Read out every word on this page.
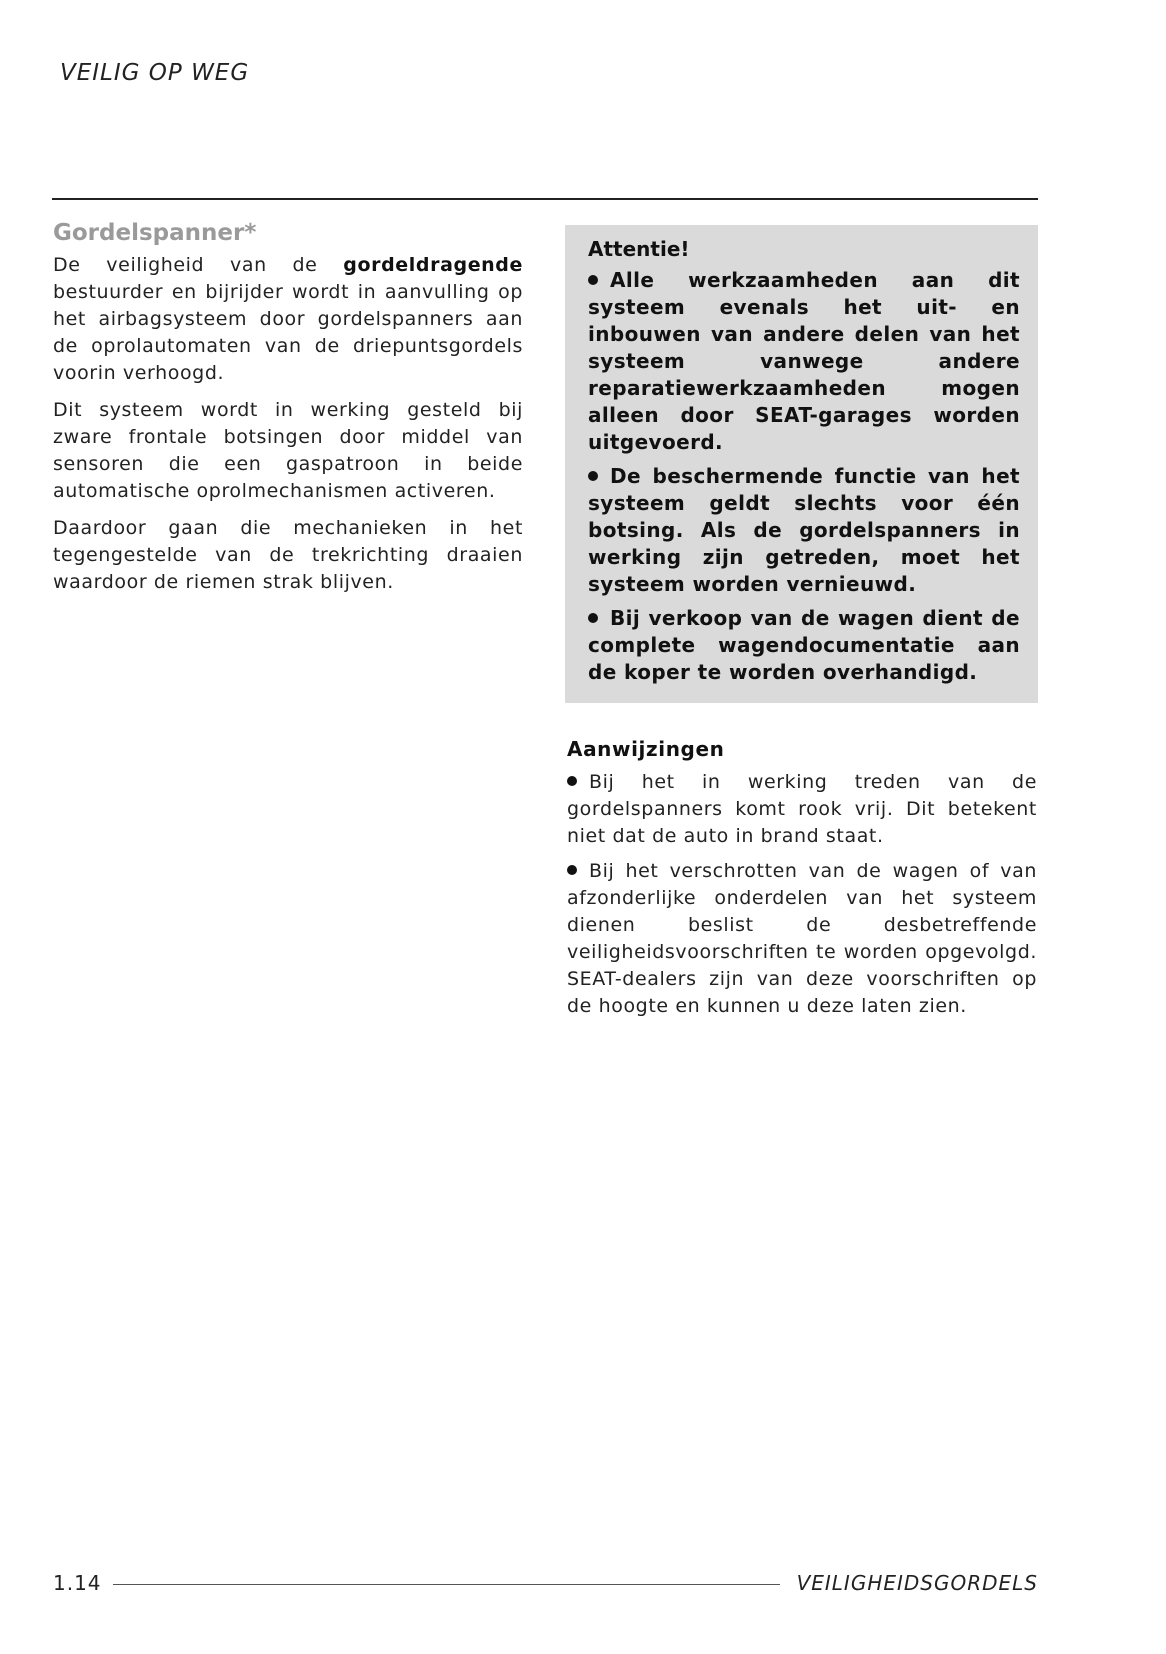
VEILIG OP WEG
Gordelspanner*

De veiligheid van de gordeldragende bestuurder en bijrijder wordt in aanvulling op het airbagsysteem door gordelspanners aan de oprolautomaten van de driepuntsgordels voorin verhoogd.

Dit systeem wordt in werking gesteld bij zware frontale botsingen door middel van sensoren die een gaspatroon in beide automatische oprolmechanismen activeren.

Daardoor gaan die mechanieken in het tegengestelde van de trekrichting draaien waardoor de riemen strak blijven.

Attentie!
Alle werkzaamheden aan dit systeem evenals het uit- en inbouwen van andere delen van het systeem vanwege andere reparatiewerkzaamheden mogen alleen door SEAT-garages worden uitgevoerd.
De beschermende functie van het systeem geldt slechts voor één botsing. Als de gordelspanners in werking zijn getreden, moet het systeem worden vernieuwd.
Bij verkoop van de wagen dient de complete wagendocumentatie aan de koper te worden overhandigd.
Aanwijzingen
Bij het in werking treden van de gordelspanners komt rook vrij. Dit betekent niet dat de auto in brand staat.
Bij het verschrotten van de wagen of van afzonderlijke onderdelen van het systeem dienen beslist de desbetreffende veiligheidsvoorschriften te worden opgevolgd. SEAT-dealers zijn van deze voorschriften op de hoogte en kunnen u deze laten zien.
1.14	VEILIGHEIDSGORDELS
